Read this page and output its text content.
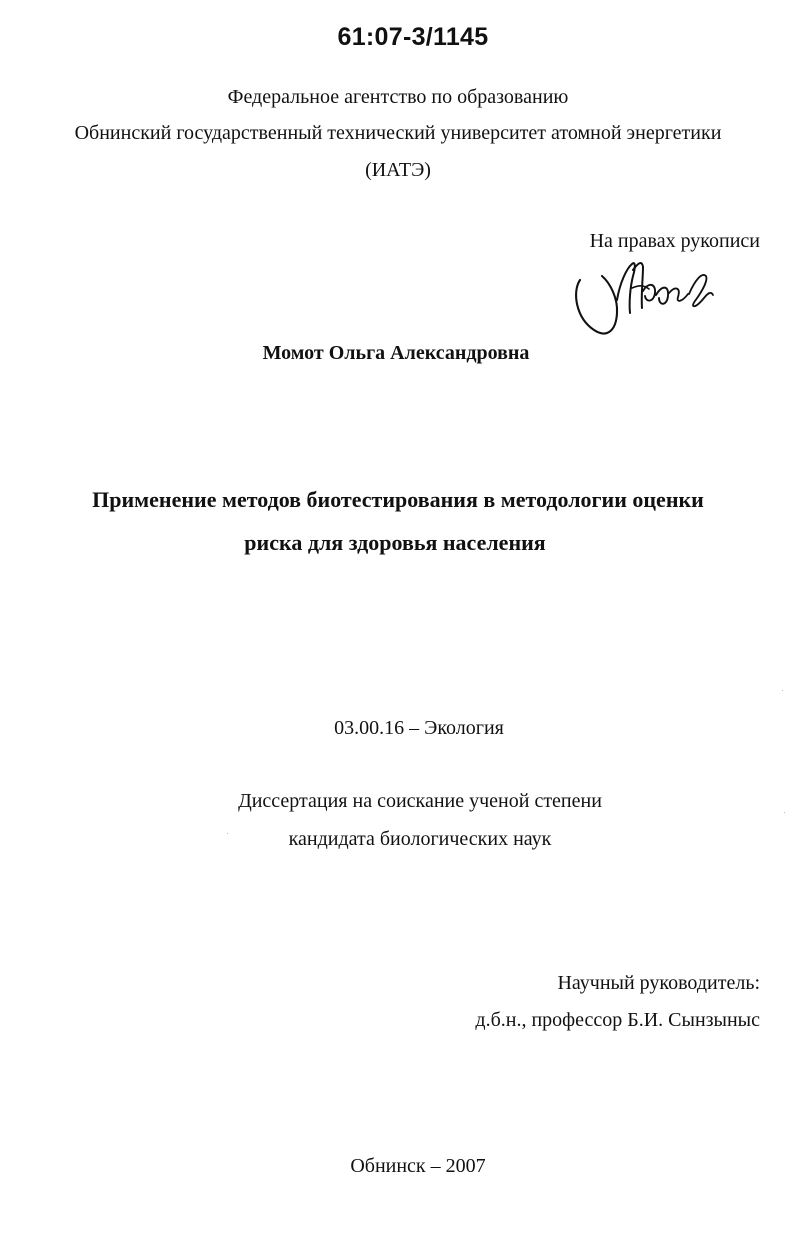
61:07-3/1145
Федеральное агентство по образованию
Обнинский государственный технический университет атомной энергетики
(ИАТЭ)
На правах рукописи
Момот Ольга Александровна
Применение методов биотестирования в методологии оценки
риска для здоровья населения
03.00.16 – Экология
Диссертация на соискание ученой степени
кандидата биологических наук
Научный руководитель:
д.б.н., профессор Б.И. Сынзыныс
Обнинск – 2007
